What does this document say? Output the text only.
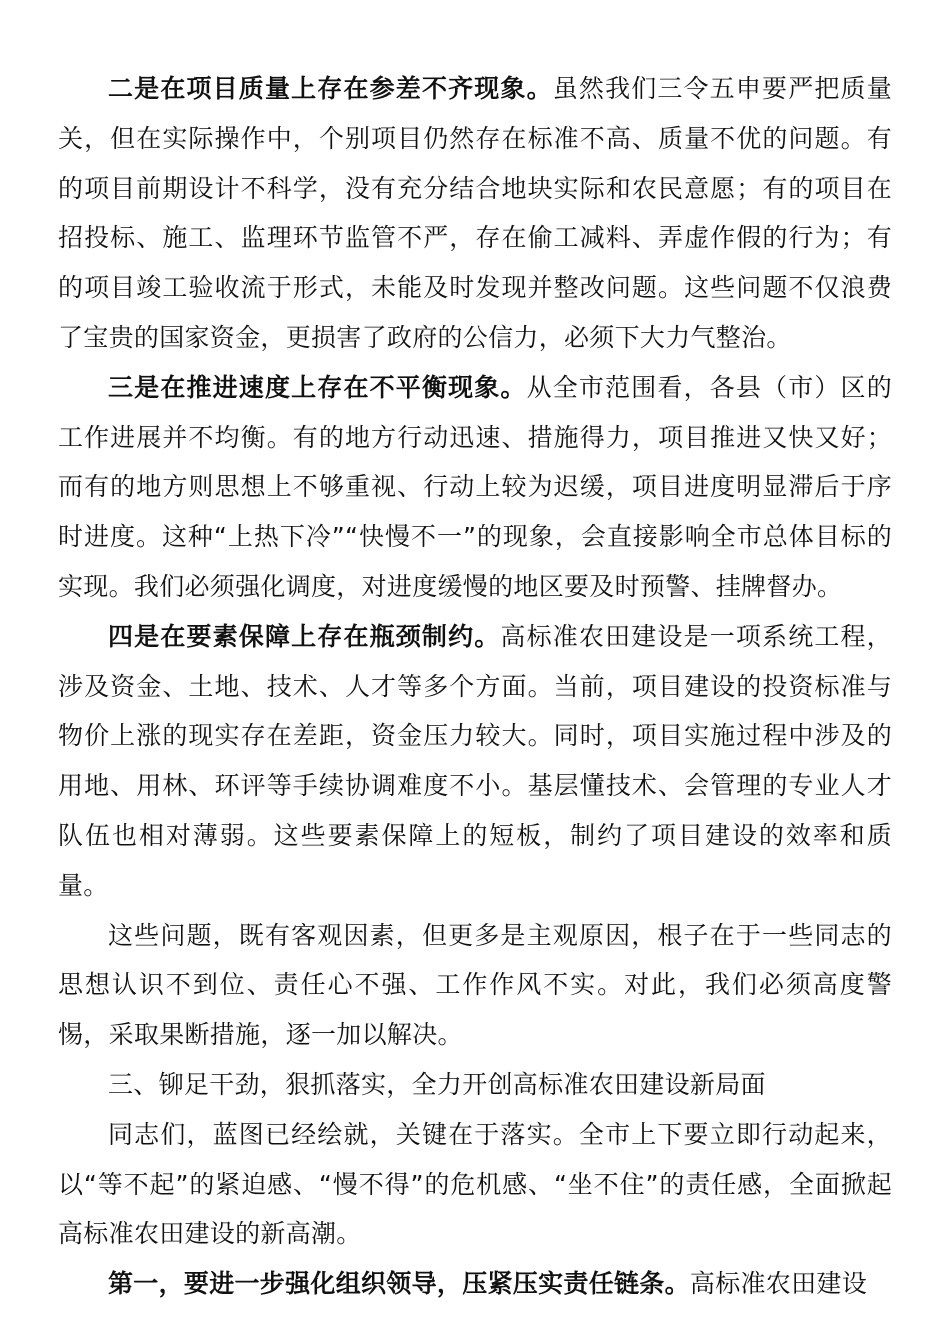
二是在项目质量上存在参差不齐现象。虽然我们三令五申要严把质量关，但在实际操作中，个别项目仍然存在标准不高、质量不优的问题。有的项目前期设计不科学，没有充分结合地块实际和农民意愿；有的项目在招投标、施工、监理环节监管不严，存在偷工减料、弄虚作假的行为；有的项目竣工验收流于形式，未能及时发现并整改问题。这些问题不仅浪费了宝贵的国家资金，更损害了政府的公信力，必须下大力气整治。

三是在推进速度上存在不平衡现象。从全市范围看，各县（市）区的工作进展并不均衡。有的地方行动迅速、措施得力，项目推进又快又好；而有的地方则思想上不够重视、行动上较为迟缓，项目进度明显滞后于序时进度。这种“上热下冷”“快慢不一”的现象，会直接影响全市总体目标的实现。我们必须强化调度，对进度缓慢的地区要及时预警、挂牌督办。

四是在要素保障上存在瓶颈制约。高标准农田建设是一项系统工程，涉及资金、土地、技术、人才等多个方面。当前，项目建设的投资标准与物价上涨的现实存在差距，资金压力较大。同时，项目实施过程中涉及的用地、用林、环评等手续协调难度不小。基层懂技术、会管理的专业人才队伍也相对薄弱。这些要素保障上的短板，制约了项目建设的效率和质量。

这些问题，既有客观因素，但更多是主观原因，根子在于一些同志的思想认识不到位、责任心不强、工作作风不实。对此，我们必须高度警惕，采取果断措施，逐一加以解决。

三、铆足干劲，狠抓落实，全力开创高标准农田建设新局面

同志们，蓝图已经绘就，关键在于落实。全市上下要立即行动起来，以“等不起”的紧迫感、“慢不得”的危机感、“坐不住”的责任感，全面掀起高标准农田建设的新高潮。

第一，要进一步强化组织领导，压紧压实责任链条。高标准农田建设
